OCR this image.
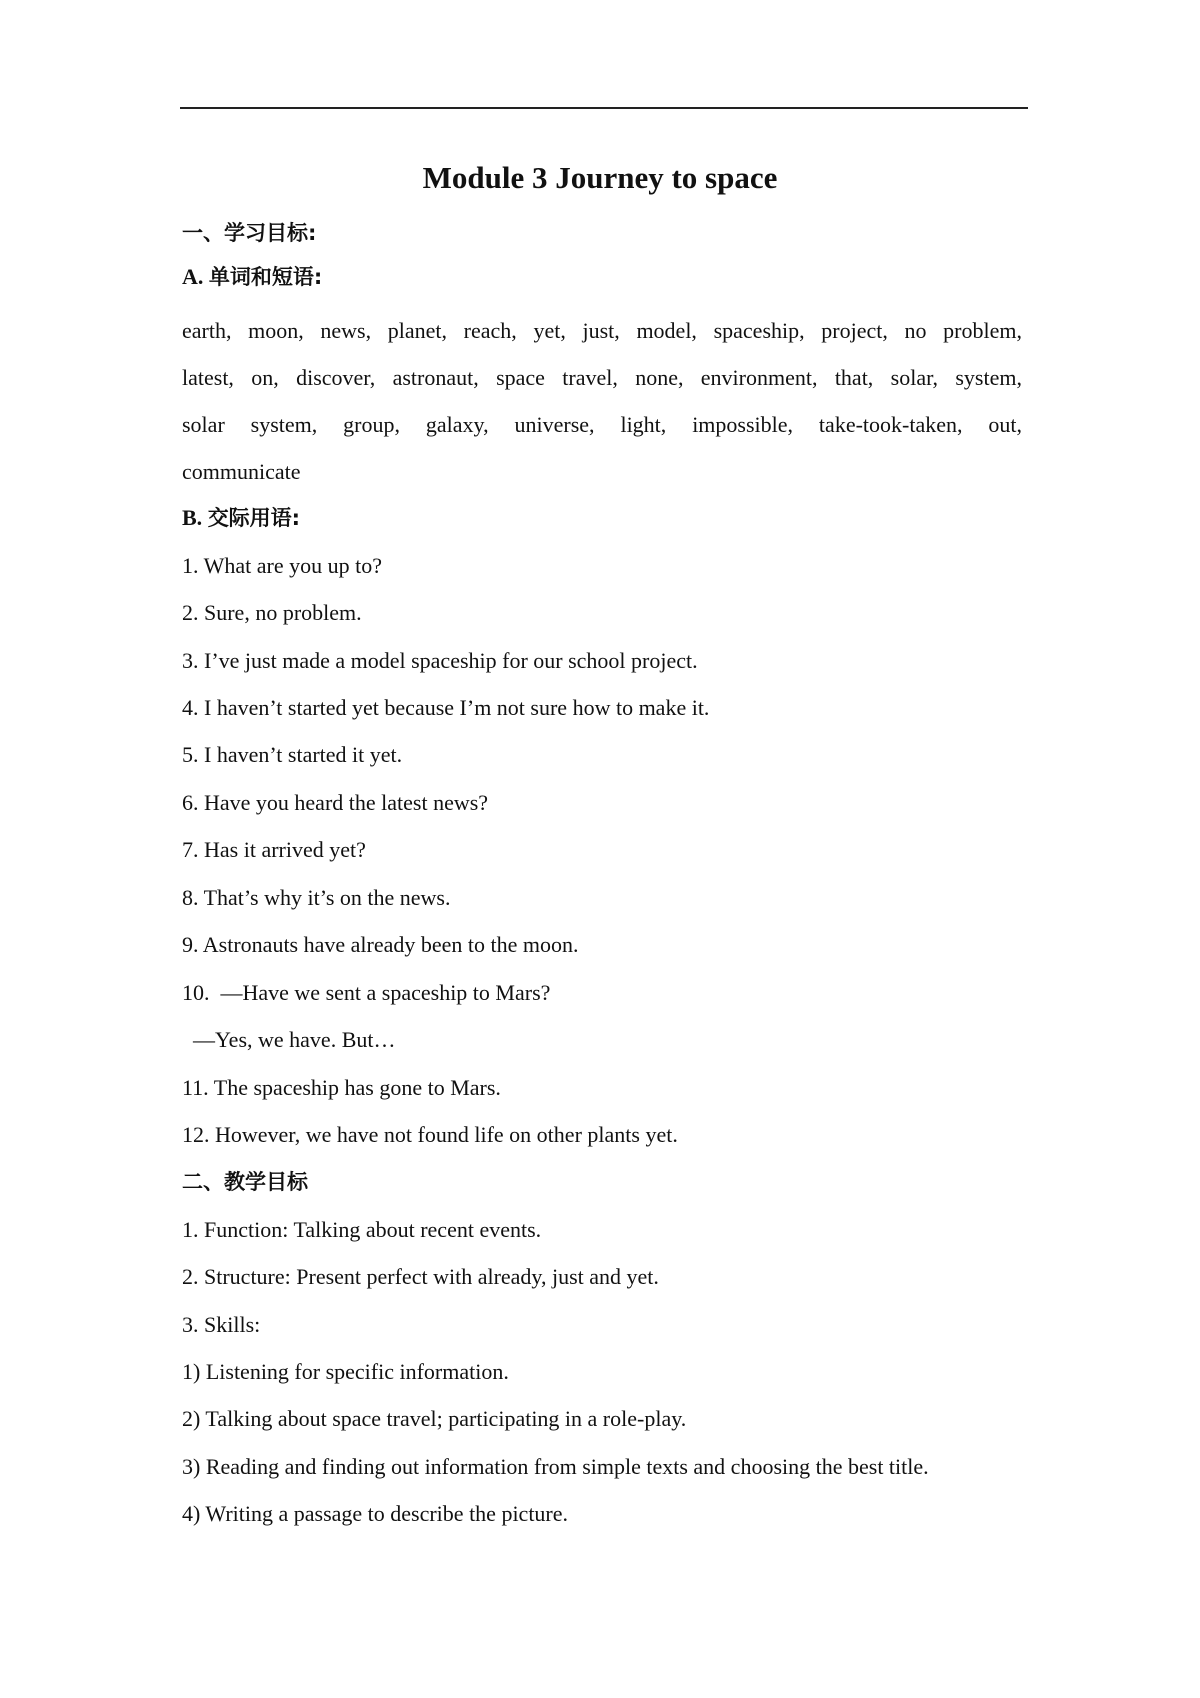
Module 3 Journey to space
一、学习目标:
A. 单词和短语:
earth, moon, news, planet, reach, yet, just, model, spaceship, project, no problem,
latest, on, discover, astronaut, space travel, none, environment, that, solar, system,
solar system, group, galaxy, universe, light, impossible, take-took-taken, out,
communicate
B. 交际用语:
1. What are you up to?
2. Sure, no problem.
3. I’ve just made a model spaceship for our school project.
4. I haven’t started yet because I’m not sure how to make it.
5. I haven’t started it yet.
6. Have you heard the latest news?
7. Has it arrived yet?
8. That’s why it’s on the news.
9. Astronauts have already been to the moon.
10.  —Have we sent a spaceship to Mars?
—Yes, we have. But…
11. The spaceship has gone to Mars.
12. However, we have not found life on other plants yet.
二、教学目标
1. Function: Talking about recent events.
2. Structure: Present perfect with already, just and yet.
3. Skills:
1) Listening for specific information.
2) Talking about space travel; participating in a role-play.
3) Reading and finding out information from simple texts and choosing the best title.
4) Writing a passage to describe the picture.
